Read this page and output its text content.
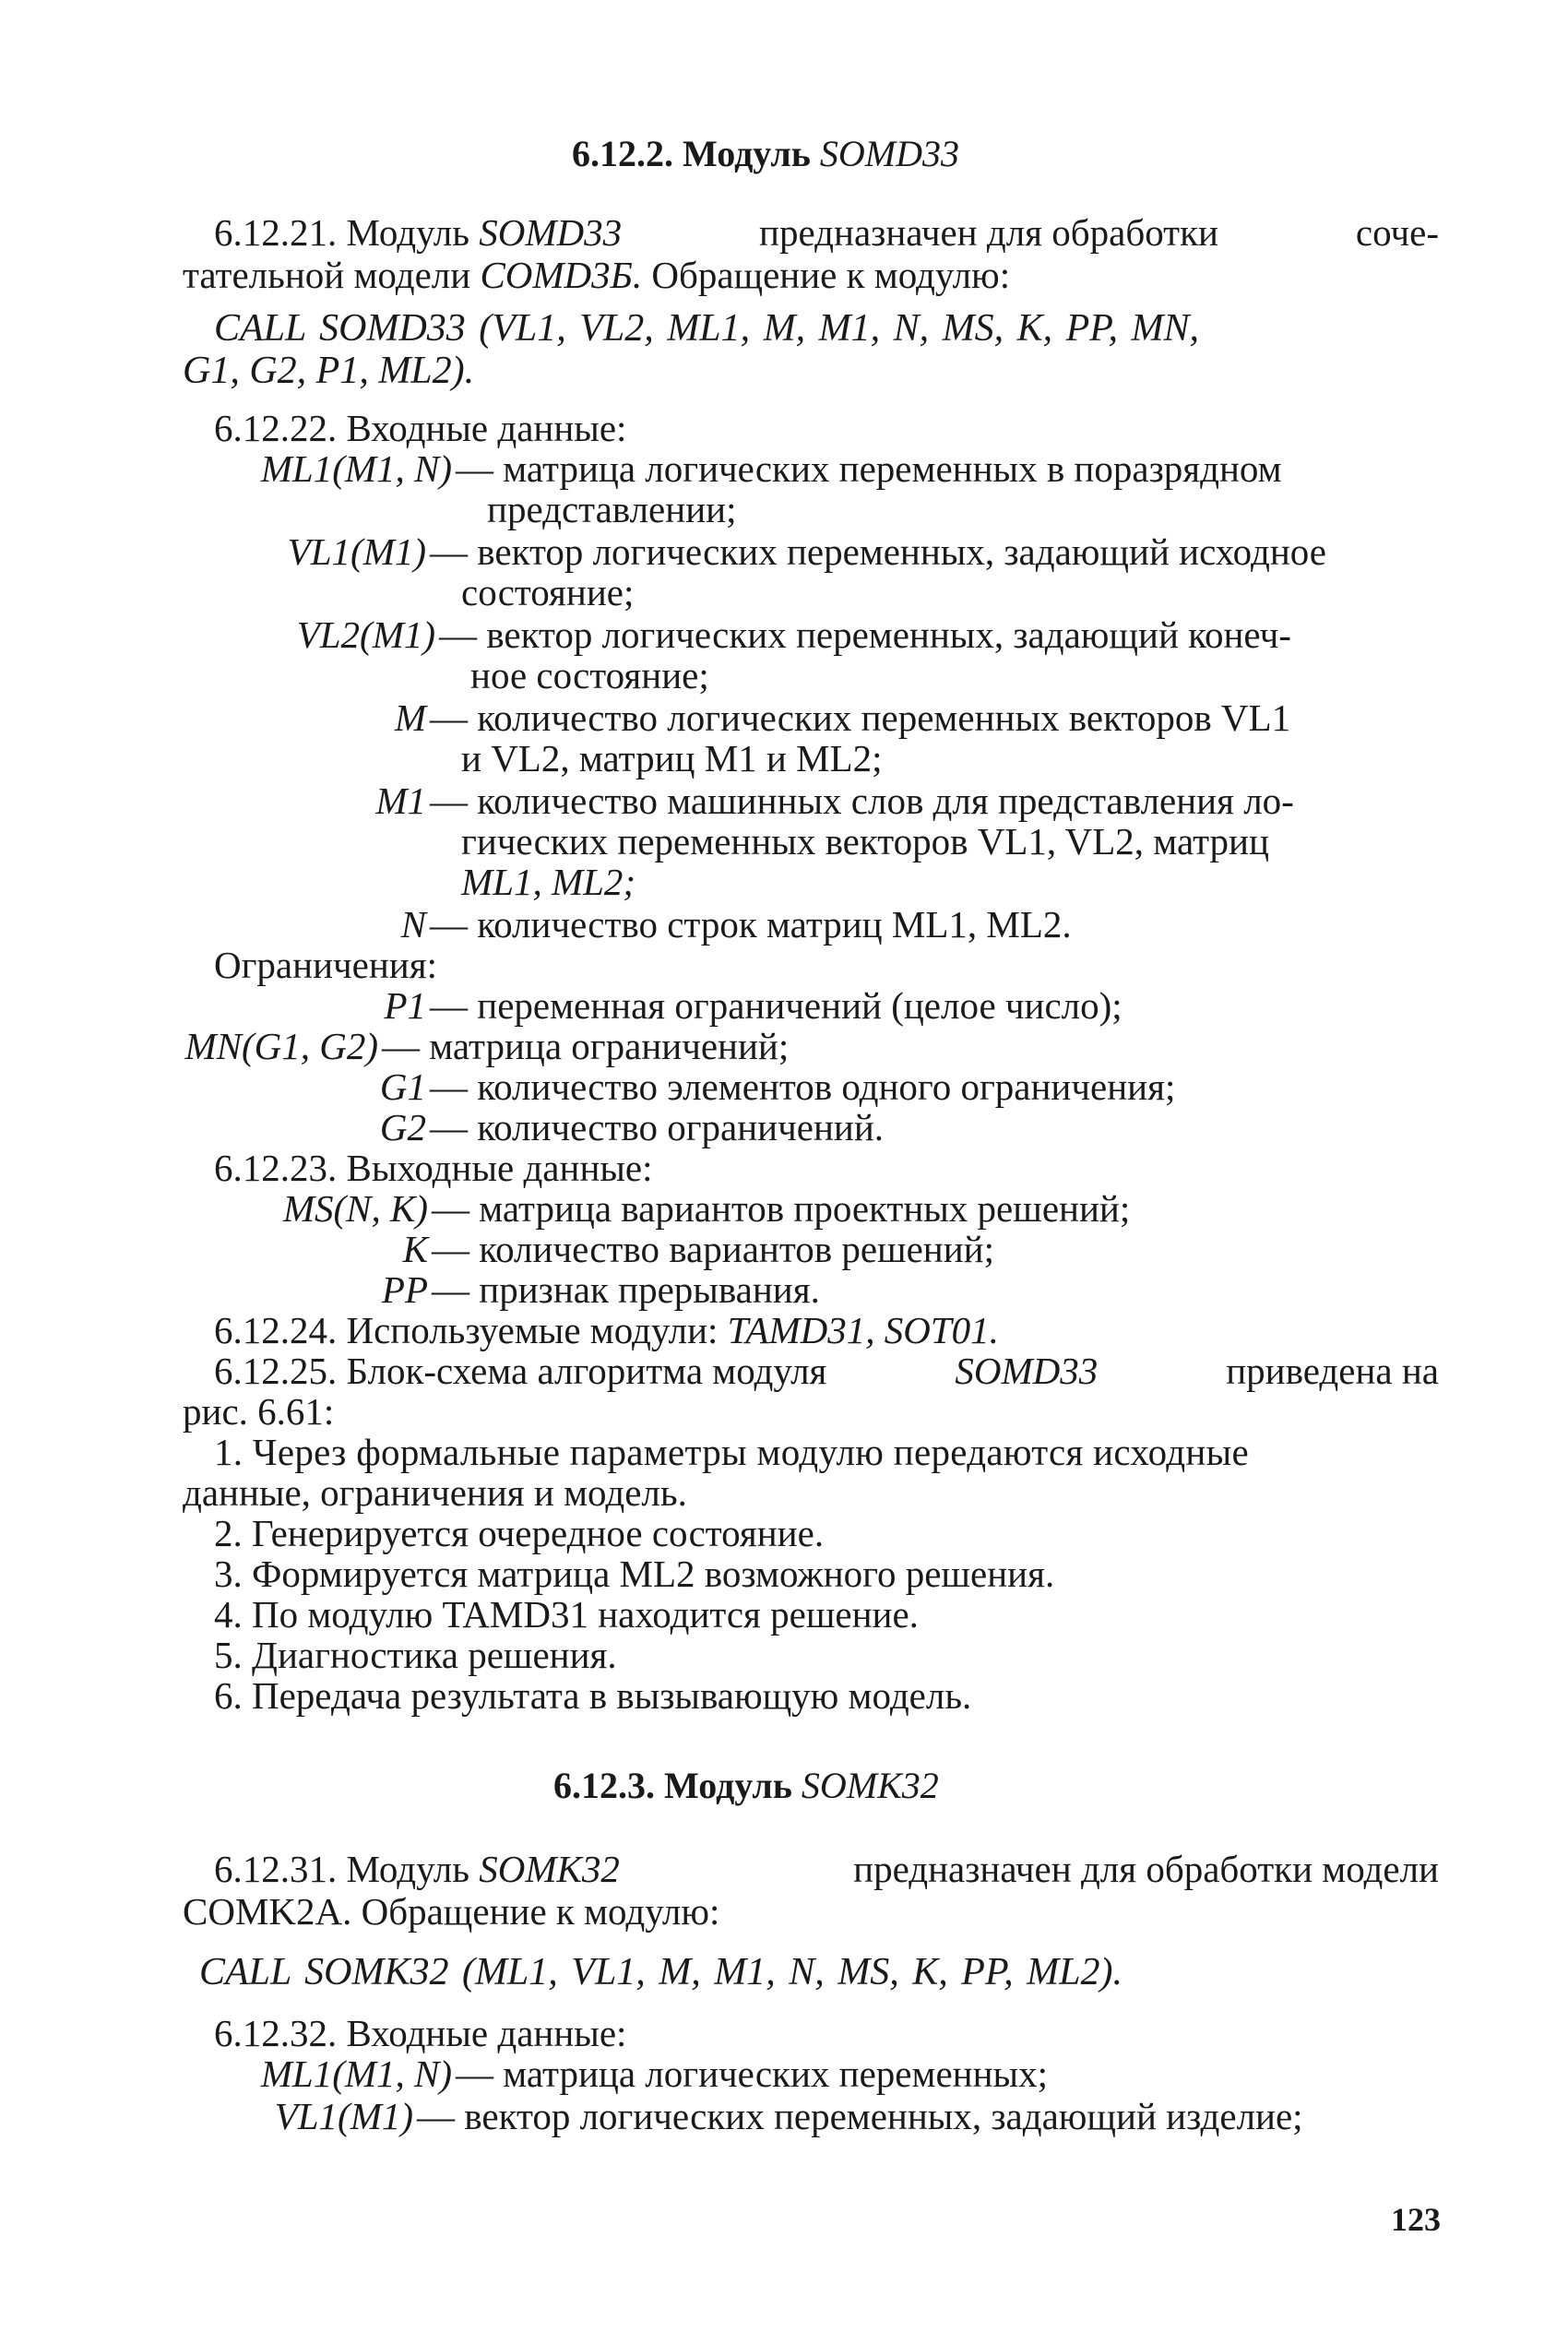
6.12.2. Модуль SOMD33
6.12.21. Модуль SOMD33	предназначен для обработки	соче-
тательной модели COMD3Б. Обращение к модулю:
CALL SOMD33 (VL1, VL2, ML1, M, M1, N, MS, K, PP, MN,
G1, G2, P1, ML2).
6.12.22. Входные данные:
ML1(M1, N) — матрица логических переменных в поразрядном
представлении;
VL1(M1) — вектор логических переменных, задающий исходное
состояние;
VL2(M1) — вектор логических переменных, задающий конеч-
ное состояние;
M — количество логических переменных векторов VL1
и VL2, матриц M1 и ML2;
M1 — количество машинных слов для представления ло-
гических переменных векторов VL1, VL2, матриц
ML1, ML2;
N — количество строк матриц ML1, ML2.
Ограничения:
P1 — переменная ограничений (целое число);
MN(G1, G2) — матрица ограничений;
G1 — количество элементов одного ограничения;
G2 — количество ограничений.
6.12.23. Выходные данные:
MS(N, K) — матрица вариантов проектных решений;
K — количество вариантов решений;
PP — признак прерывания.
6.12.24. Используемые модули: TAMD31, SOT01.
6.12.25. Блок-схема алгоритма модуля	SOMD33	приведена на
рис. 6.61:
1. Через формальные параметры модулю передаются исходные
данные, ограничения и модель.
2. Генерируется очередное состояние.
3. Формируется матрица ML2 возможного решения.
4. По модулю TAMD31 находится решение.
5. Диагностика решения.
6. Передача результата в вызывающую модель.
6.12.3. Модуль SOMK32
6.12.31. Модуль SOMK32	предназначен для обработки модели
COMK2A. Обращение к модулю:
CALL SOMK32 (ML1, VL1, M, M1, N, MS, K, PP, ML2).
6.12.32. Входные данные:
ML1(M1, N) — матрица логических переменных;
VL1(M1) — вектор логических переменных, задающий изделие;
123
